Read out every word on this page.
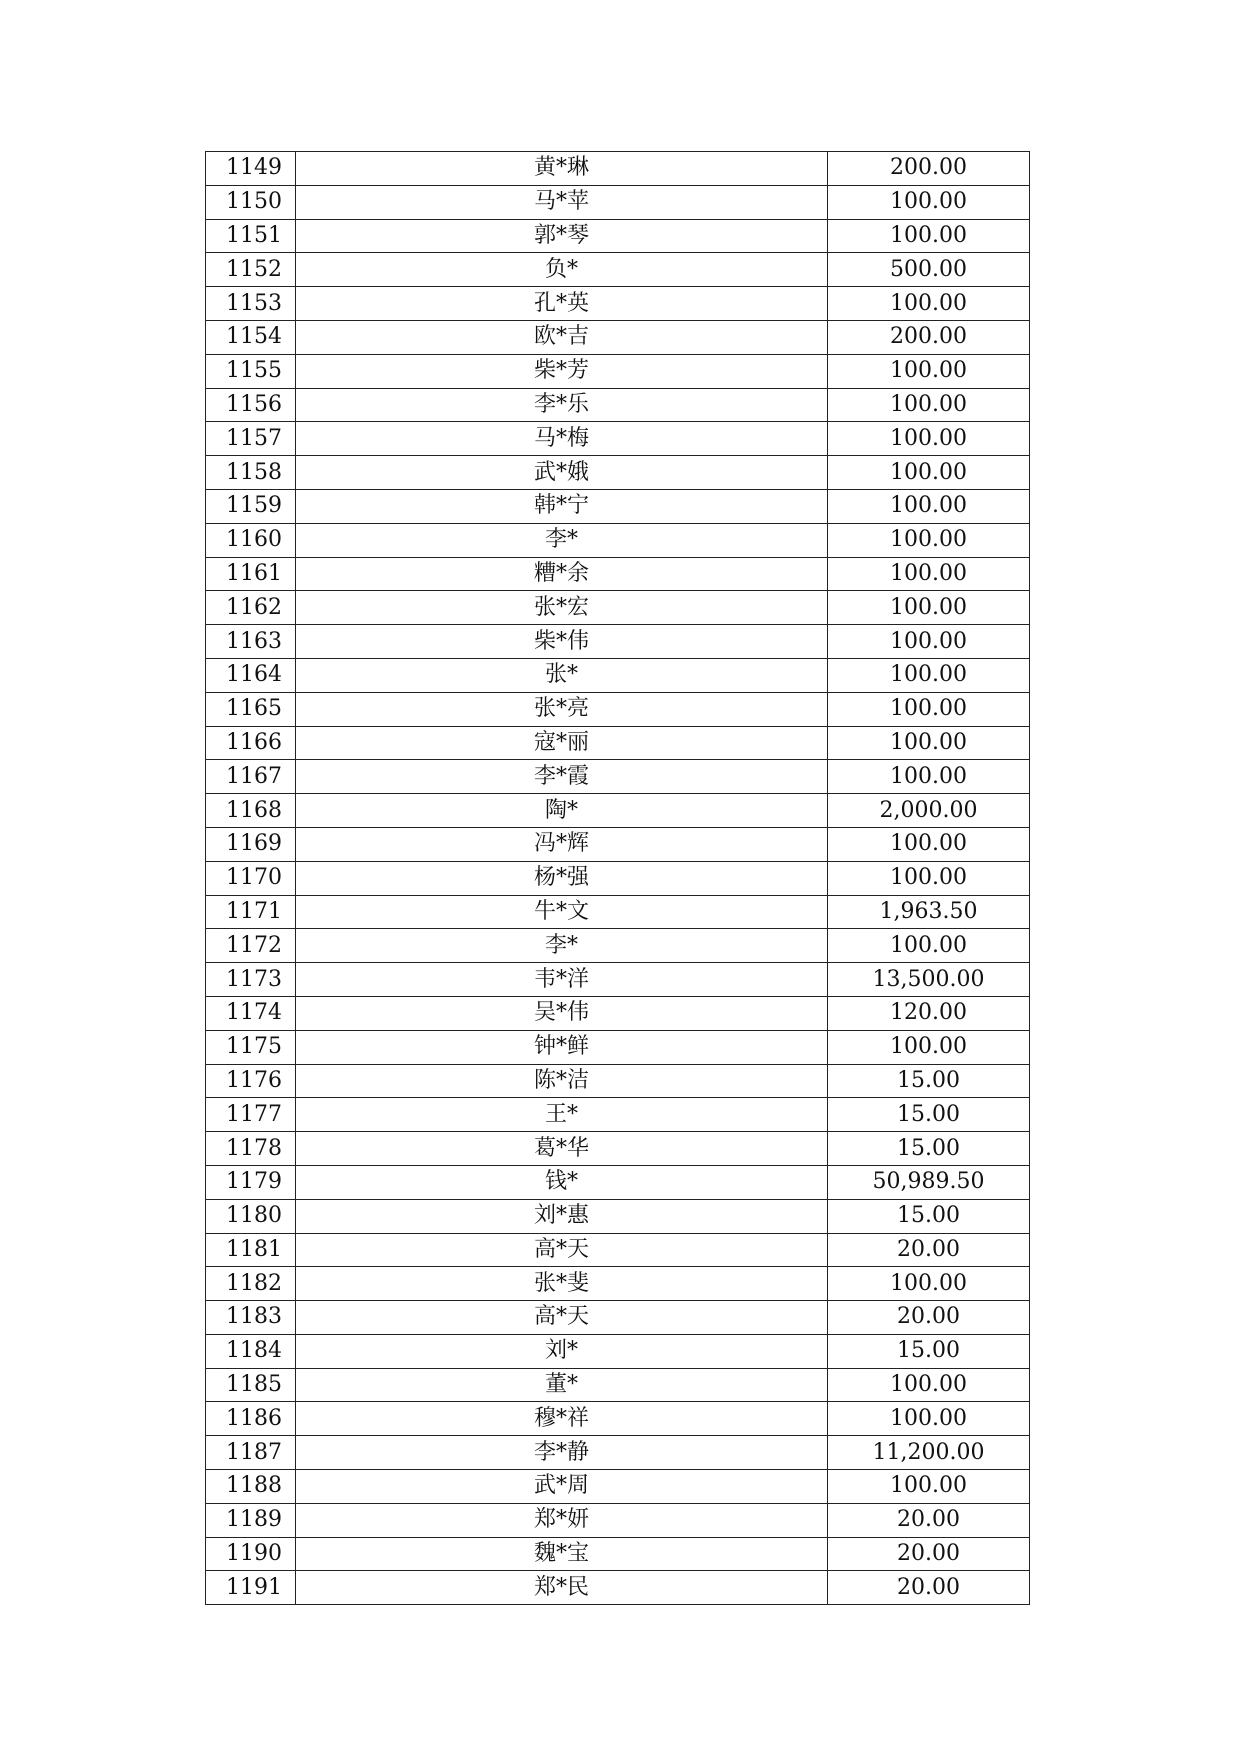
1149	黄*琳	200.00
1150	马*苹	100.00
1151	郭*琴	100.00
1152	负*	500.00
1153	孔*英	100.00
1154	欧*吉	200.00
1155	柴*芳	100.00
1156	李*乐	100.00
1157	马*梅	100.00
1158	武*娥	100.00
1159	韩*宁	100.00
1160	李*	100.00
1161	糟*余	100.00
1162	张*宏	100.00
1163	柴*伟	100.00
1164	张*	100.00
1165	张*亮	100.00
1166	寇*丽	100.00
1167	李*霞	100.00
1168	陶*	2,000.00
1169	冯*辉	100.00
1170	杨*强	100.00
1171	牛*文	1,963.50
1172	李*	100.00
1173	韦*洋	13,500.00
1174	吴*伟	120.00
1175	钟*鲜	100.00
1176	陈*洁	15.00
1177	王*	15.00
1178	葛*华	15.00
1179	钱*	50,989.50
1180	刘*惠	15.00
1181	高*天	20.00
1182	张*斐	100.00
1183	高*天	20.00
1184	刘*	15.00
1185	董*	100.00
1186	穆*祥	100.00
1187	李*静	11,200.00
1188	武*周	100.00
1189	郑*妍	20.00
1190	魏*宝	20.00
1191	郑*民	20.00
